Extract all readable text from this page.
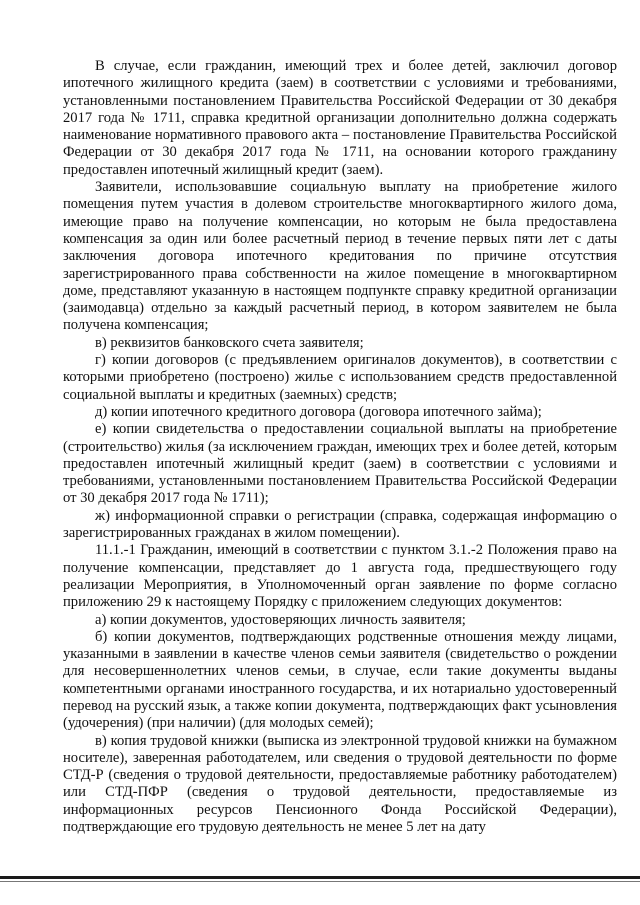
В случае, если гражданин, имеющий трех и более детей, заключил договор ипотечного жилищного кредита (заем) в соответствии с условиями и требованиями, установленными постановлением Правительства Российской Федерации от 30 декабря 2017 года № 1711, справка кредитной организации дополнительно должна содержать наименование нормативного правового акта – постановление Правительства Российской Федерации от 30 декабря 2017 года № 1711, на основании которого гражданину предоставлен ипотечный жилищный кредит (заем).

Заявители, использовавшие социальную выплату на приобретение жилого помещения путем участия в долевом строительстве многоквартирного жилого дома, имеющие право на получение компенсации, но которым не была предоставлена компенсация за один или более расчетный период в течение первых пяти лет с даты заключения договора ипотечного кредитования по причине отсутствия зарегистрированного права собственности на жилое помещение в многоквартирном доме, представляют указанную в настоящем подпункте справку кредитной организации (заимодавца) отдельно за каждый расчетный период, в котором заявителем не была получена компенсация;

в) реквизитов банковского счета заявителя;

г) копии договоров (с предъявлением оригиналов документов), в соответствии с которыми приобретено (построено) жилье с использованием средств предоставленной социальной выплаты и кредитных (заемных) средств;

д) копии ипотечного кредитного договора (договора ипотечного займа);

е) копии свидетельства о предоставлении социальной выплаты на приобретение (строительство) жилья (за исключением граждан, имеющих трех и более детей, которым предоставлен ипотечный жилищный кредит (заем) в соответствии с условиями и требованиями, установленными постановлением Правительства Российской Федерации от 30 декабря 2017 года № 1711);

ж) информационной справки о регистрации (справка, содержащая информацию о зарегистрированных гражданах в жилом помещении).

11.1.-1 Гражданин, имеющий в соответствии с пунктом 3.1.-2 Положения право на получение компенсации, представляет до 1 августа года, предшествующего году реализации Мероприятия, в Уполномоченный орган заявление по форме согласно приложению 29 к настоящему Порядку с приложением следующих документов:

а) копии документов, удостоверяющих личность заявителя;

б) копии документов, подтверждающих родственные отношения между лицами, указанными в заявлении в качестве членов семьи заявителя (свидетельство о рождении для несовершеннолетних членов семьи, в случае, если такие документы выданы компетентными органами иностранного государства, и их нотариально удостоверенный перевод на русский язык, а также копии документа, подтверждающих факт усыновления (удочерения) (при наличии) (для молодых семей);

в) копия трудовой книжки (выписка из электронной трудовой книжки на бумажном носителе), заверенная работодателем, или сведения о трудовой деятельности по форме СТД-Р (сведения о трудовой деятельности, предоставляемые работнику работодателем) или СТД-ПФР (сведения о трудовой деятельности, предоставляемые из информационных ресурсов Пенсионного Фонда Российской Федерации), подтверждающие его трудовую деятельность не менее 5 лет на дату
